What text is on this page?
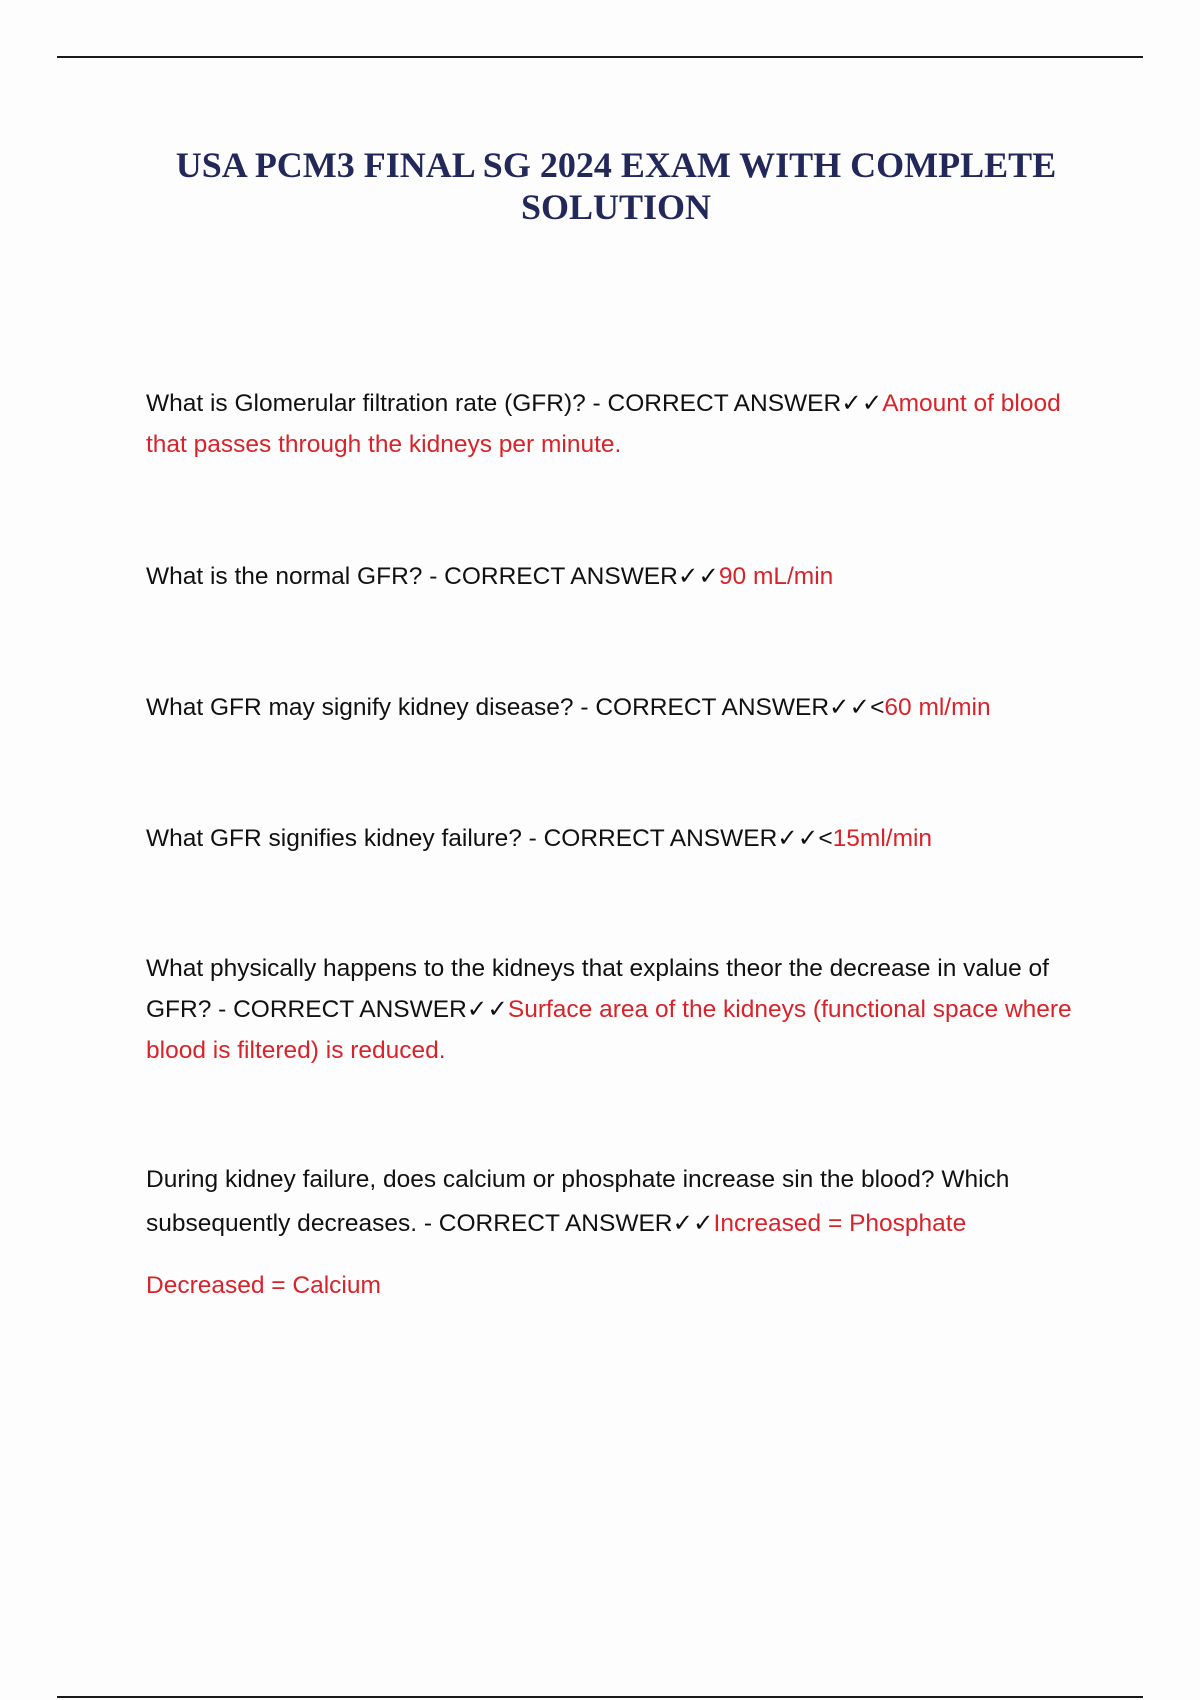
USA PCM3 FINAL SG 2024 EXAM WITH COMPLETE
SOLUTION

What is Glomerular filtration rate (GFR)? - CORRECT ANSWER✓✓Amount of blood that passes through the kidneys per minute.

What is the normal GFR? - CORRECT ANSWER✓✓90 mL/min

What GFR may signify kidney disease? - CORRECT ANSWER✓✓<60 ml/min

What GFR signifies kidney failure? - CORRECT ANSWER✓✓<15ml/min

What physically happens to the kidneys that explains theor the decrease in value of GFR? - CORRECT ANSWER✓✓Surface area of the kidneys (functional space where blood is filtered) is reduced.

During kidney failure, does calcium or phosphate increase sin the blood? Which subsequently decreases. - CORRECT ANSWER✓✓Increased = Phosphate

Decreased = Calcium
